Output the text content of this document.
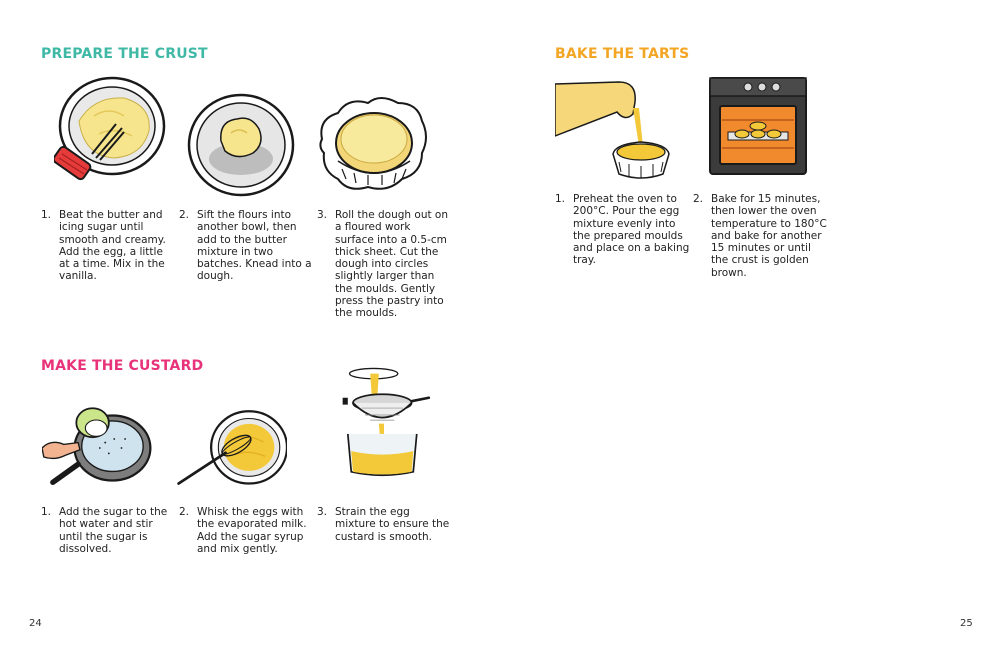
PREPARE THE CRUST
1. Beat the butter and icing sugar until smooth and creamy. Add the egg, a little at a time. Mix in the vanilla.
2. Sift the flours into another bowl, then add to the butter mixture in two batches. Knead into a dough.
3. Roll the dough out on a floured work surface into a 0.5-cm thick sheet. Cut the dough into circles slightly larger than the moulds. Gently press the pastry into the moulds.
MAKE THE CUSTARD
1. Add the sugar to the hot water and stir until the sugar is dissolved.
2. Whisk the eggs with the evaporated milk. Add the sugar syrup and mix gently.
3. Strain the egg mixture to ensure the custard is smooth.
BAKE THE TARTS
1. Preheat the oven to 200°C. Pour the egg mixture evenly into the prepared moulds and place on a baking tray.
2. Bake for 15 minutes, then lower the oven temperature to 180°C and bake for another 15 minutes or until the crust is golden brown.
24	25
